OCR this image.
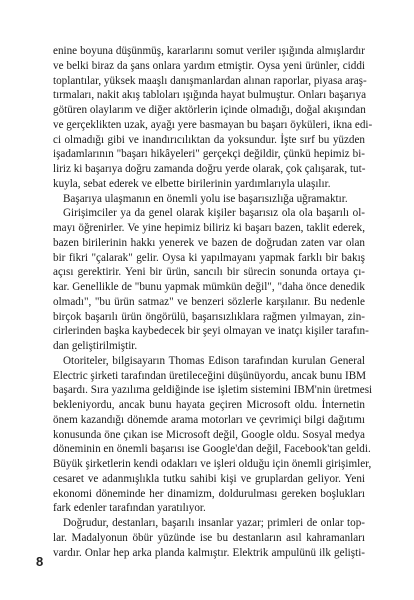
enine boyuna düşünmüş, kararlarını somut veriler ışığında almışlardır
ve belki biraz da şans onlara yardım etmiştir. Oysa yeni ürünler, ciddi
toplantılar, yüksek maaşlı danışmanlardan alınan raporlar, piyasa araş-
tırmaları, nakit akış tabloları ışığında hayat bulmuştur. Onları başarıya
götüren olaylarım ve diğer aktörlerin içinde olmadığı, doğal akışından
ve gerçeklikten uzak, ayağı yere basmayan bu başarı öyküleri, ikna edi-
ci olmadığı gibi ve inandırıcılıktan da yoksundur. İşte sırf bu yüzden
işadamlarının "başarı hikâyeleri" gerçekçi değildir, çünkü hepimiz bi-
liriz ki başarıya doğru zamanda doğru yerde olarak, çok çalışarak, tut-
kuyla, sebat ederek ve elbette birilerinin yardımlarıyla ulaşılır.
Başarıya ulaşmanın en önemli yolu ise başarısızlığa uğramaktır.
Girişimciler ya da genel olarak kişiler başarısız ola ola başarılı ol-
mayı öğrenirler. Ve yine hepimiz biliriz ki başarı bazen, taklit ederek,
bazen birilerinin hakkı yenerek ve bazen de doğrudan zaten var olan
bir fikri "çalarak" gelir. Oysa ki yapılmayanı yapmak farklı bir bakış
açısı gerektirir. Yeni bir ürün, sancılı bir sürecin sonunda ortaya çı-
kar. Genellikle de "bunu yapmak mümkün değil", "daha önce denedik
olmadı", "bu ürün satmaz" ve benzeri sözlerle karşılanır. Bu nedenle
birçok başarılı ürün öngörülü, başarısızlıklara rağmen yılmayan, zin-
cirlerinden başka kaybedecek bir şeyi olmayan ve inatçı kişiler tarafın-
dan geliştirilmiştir.
Otoriteler, bilgisayarın Thomas Edison tarafından kurulan General
Electric şirketi tarafından üretileceğini düşünüyordu, ancak bunu IBM
başardı. Sıra yazılıma geldiğinde ise işletim sistemini IBM'nin üretmesi
bekleniyordu, ancak bunu hayata geçiren Microsoft oldu. İnternetin
önem kazandığı dönemde arama motorları ve çevrimiçi bilgi dağıtımı
konusunda öne çıkan ise Microsoft değil, Google oldu. Sosyal medya
döneminin en önemli başarısı ise Google'dan değil, Facebook'tan geldi.
Büyük şirketlerin kendi odakları ve işleri olduğu için önemli girişimler,
cesaret ve adanmışlıkla tutku sahibi kişi ve gruplardan geliyor. Yeni
ekonomi döneminde her dinamizm, doldurulması gereken boşlukları
fark edenler tarafından yaratılıyor.
Doğrudur, destanları, başarılı insanlar yazar; primleri de onlar top-
lar. Madalyonun öbür yüzünde ise bu destanların asıl kahramanları
vardır. Onlar hep arka planda kalmıştır. Elektrik ampulünü ilk gelişti-
8
